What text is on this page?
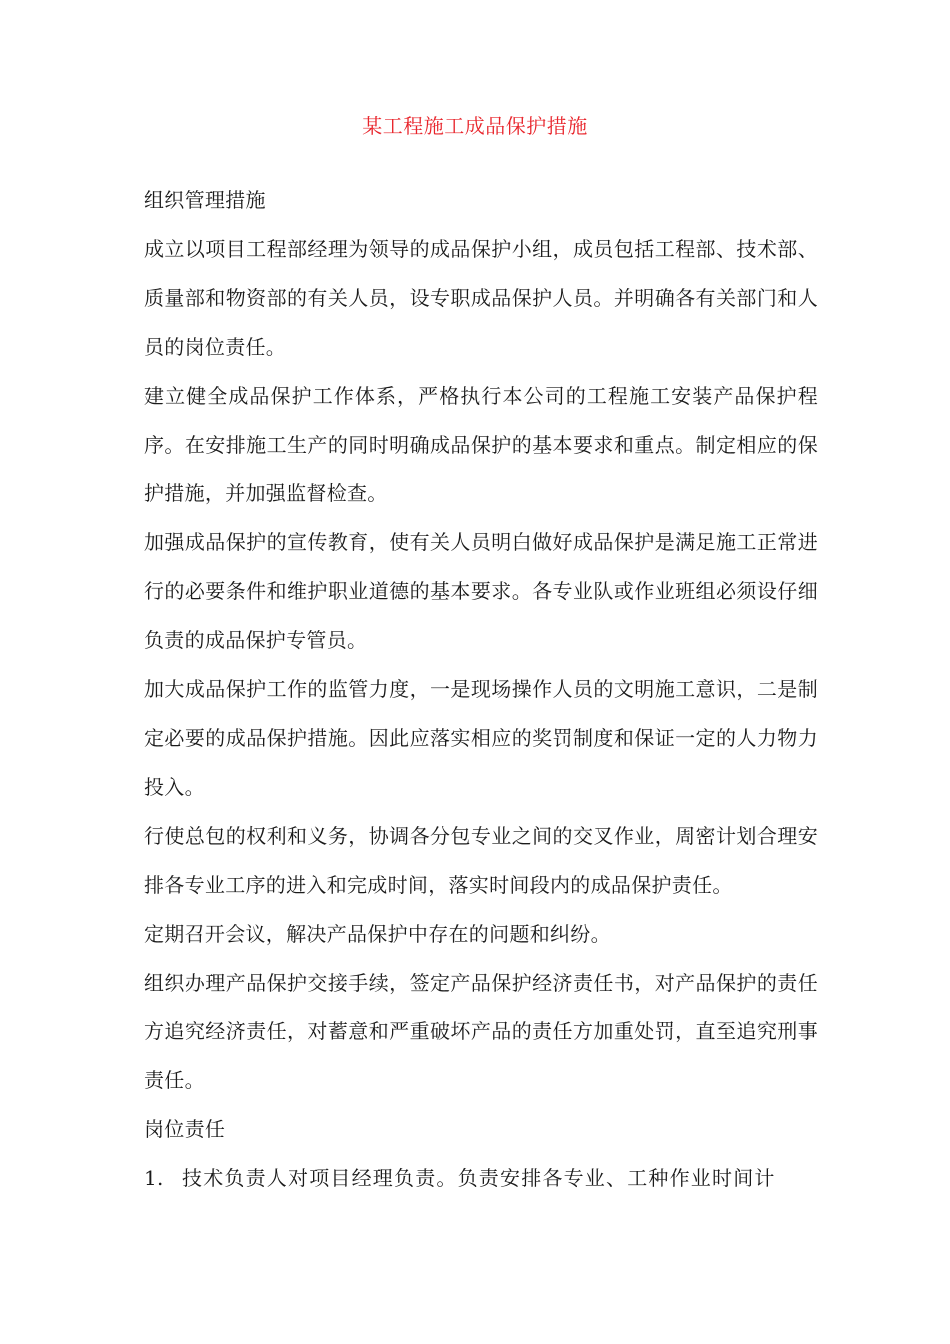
某工程施工成品保护措施

组织管理措施

成立以项目工程部经理为领导的成品保护小组，成员包括工程部、技术部、质量部和物资部的有关人员，设专职成品保护人员。并明确各有关部门和人员的岗位责任。

建立健全成品保护工作体系，严格执行本公司的工程施工安装产品保护程序。在安排施工生产的同时明确成品保护的基本要求和重点。制定相应的保护措施，并加强监督检查。

加强成品保护的宣传教育，使有关人员明白做好成品保护是满足施工正常进行的必要条件和维护职业道德的基本要求。各专业队或作业班组必须设仔细负责的成品保护专管员。

加大成品保护工作的监管力度，一是现场操作人员的文明施工意识，二是制定必要的成品保护措施。因此应落实相应的奖罚制度和保证一定的人力物力投入。

行使总包的权利和义务，协调各分包专业之间的交叉作业，周密计划合理安排各专业工序的进入和完成时间，落实时间段内的成品保护责任。

定期召开会议，解决产品保护中存在的问题和纠纷。

组织办理产品保护交接手续，签定产品保护经济责任书，对产品保护的责任方追究经济责任，对蓄意和严重破坏产品的责任方加重处罚，直至追究刑事责任。

岗位责任

1. 技术负责人对项目经理负责。负责安排各专业、工种作业时间计
